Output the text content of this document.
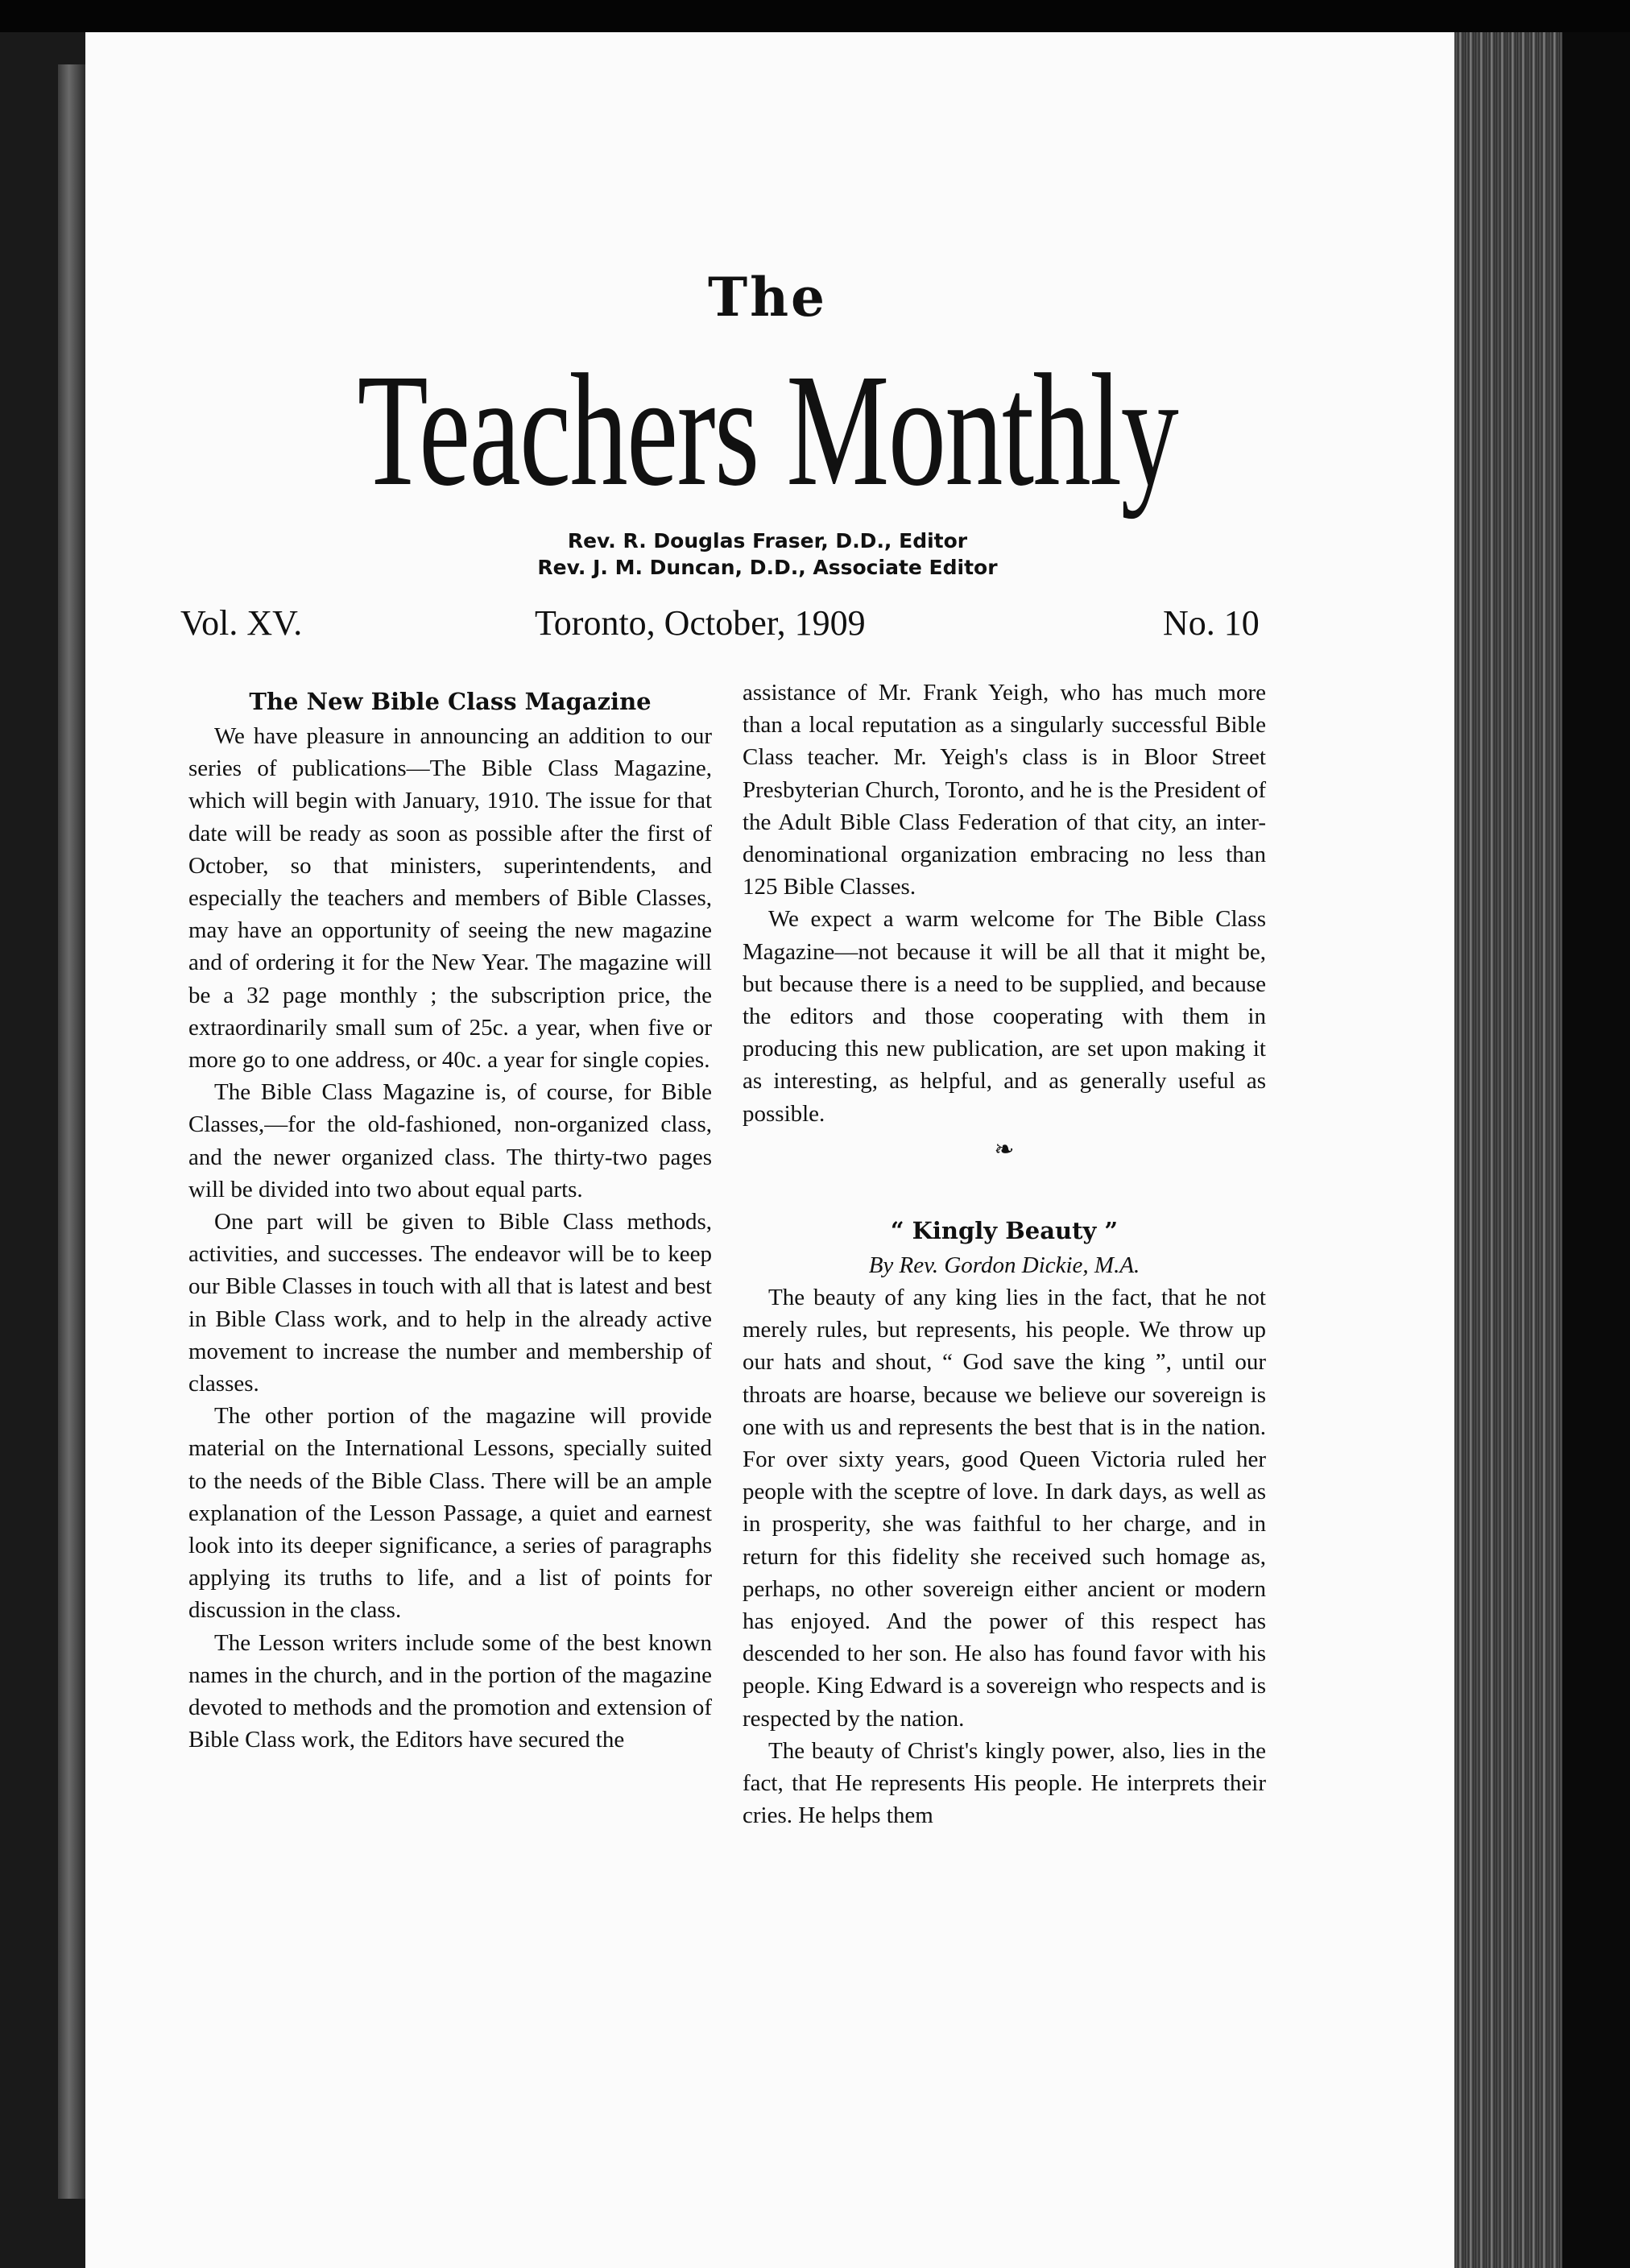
The
Teachers Monthly
Rev. R. Douglas Fraser, D.D., Editor
Rev. J. M. Duncan, D.D., Associate Editor
Vol. XV.	Toronto, October, 1909	No. 10
The New Bible Class Magazine

We have pleasure in announcing an addition to our series of publications—The Bible Class Magazine, which will begin with January, 1910. The issue for that date will be ready as soon as possible after the first of October, so that ministers, superintendents, and especially the teachers and members of Bible Classes, may have an opportunity of seeing the new magazine and of ordering it for the New Year. The magazine will be a 32 page monthly ; the subscription price, the extraordinarily small sum of 25c. a year, when five or more go to one address, or 40c. a year for single copies.

The Bible Class Magazine is, of course, for Bible Classes,—for the old-fashioned, non-organized class, and the newer organized class. The thirty-two pages will be divided into two about equal parts.

One part will be given to Bible Class methods, activities, and successes. The endeavor will be to keep our Bible Classes in touch with all that is latest and best in Bible Class work, and to help in the already active movement to increase the number and membership of classes.

The other portion of the magazine will provide material on the International Lessons, specially suited to the needs of the Bible Class. There will be an ample explanation of the Lesson Passage, a quiet and earnest look into its deeper significance, a series of paragraphs applying its truths to life, and a list of points for discussion in the class.

The Lesson writers include some of the best known names in the church, and in the portion of the magazine devoted to methods and the promotion and extension of Bible Class work, the Editors have secured the

assistance of Mr. Frank Yeigh, who has much more than a local reputation as a singularly successful Bible Class teacher. Mr. Yeigh's class is in Bloor Street Presbyterian Church, Toronto, and he is the President of the Adult Bible Class Federation of that city, an inter-denominational organization embracing no less than 125 Bible Classes.

We expect a warm welcome for The Bible Class Magazine—not because it will be all that it might be, but because there is a need to be supplied, and because the editors and those cooperating with them in producing this new publication, are set upon making it as interesting, as helpful, and as generally useful as possible.

❧
“ Kingly Beauty ”

By Rev. Gordon Dickie, M.A.

The beauty of any king lies in the fact, that he not merely rules, but represents, his people. We throw up our hats and shout, “ God save the king ”, until our throats are hoarse, because we believe our sovereign is one with us and represents the best that is in the nation. For over sixty years, good Queen Victoria ruled her people with the sceptre of love. In dark days, as well as in prosperity, she was faithful to her charge, and in return for this fidelity she received such homage as, perhaps, no other sovereign either ancient or modern has enjoyed. And the power of this respect has descended to her son. He also has found favor with his people. King Edward is a sovereign who respects and is respected by the nation.

The beauty of Christ's kingly power, also, lies in the fact, that He represents His people. He interprets their cries. He helps them
